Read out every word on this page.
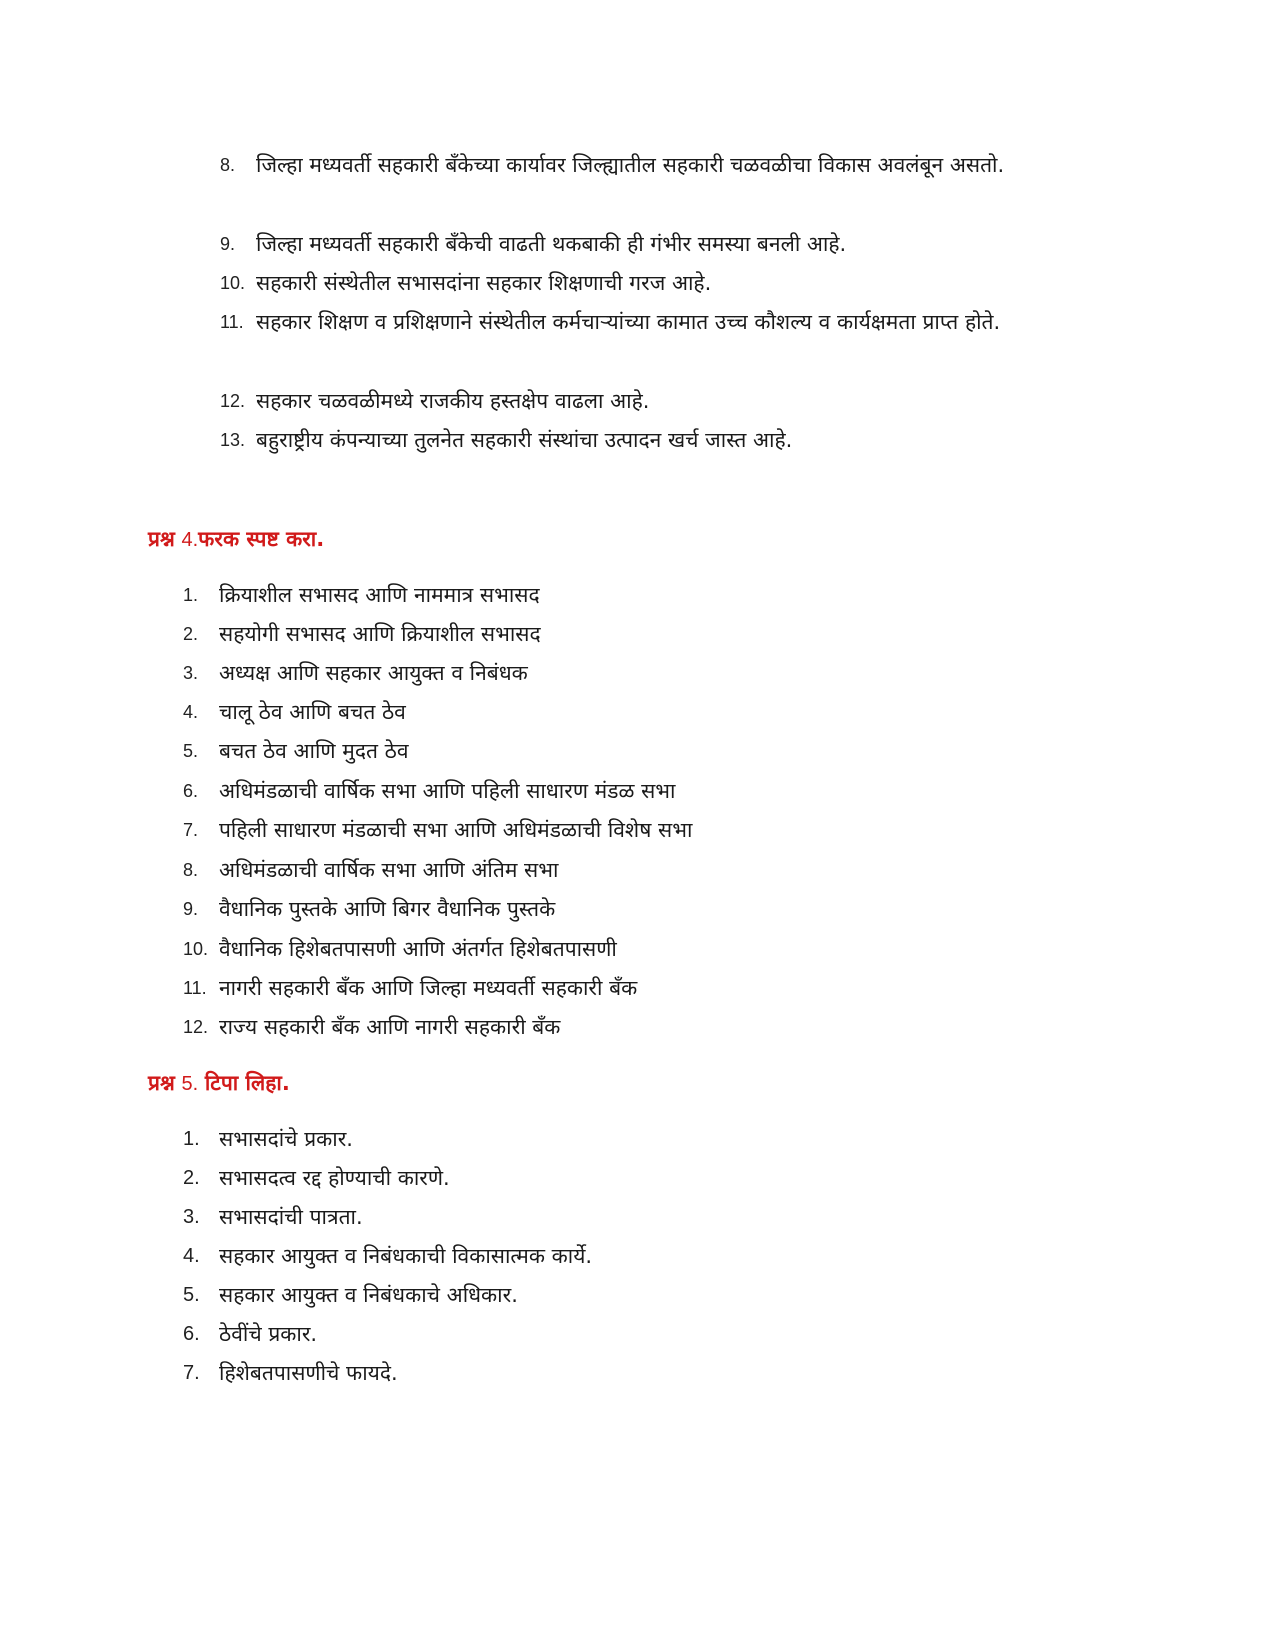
8. जिल्हा मध्यवर्ती सहकारी बँकेच्या कार्यावर जिल्ह्यातील सहकारी चळवळीचा विकास अवलंबून असतो.
9. जिल्हा मध्यवर्ती सहकारी बँकेची वाढती थकबाकी ही गंभीर समस्या बनली आहे.
10. सहकारी संस्थेतील सभासदांना सहकार शिक्षणाची गरज आहे.
11. सहकार शिक्षण व प्रशिक्षणाने संस्थेतील कर्मचाऱ्यांच्या कामात उच्च कौशल्य व कार्यक्षमता प्राप्त होते.
12. सहकार चळवळीमध्ये राजकीय हस्तक्षेप वाढला आहे.
13. बहुराष्ट्रीय कंपन्याच्या तुलनेत सहकारी संस्थांचा उत्पादन खर्च जास्त आहे.
प्रश्न 4.फरक स्पष्ट करा.
1. क्रियाशील सभासद आणि नाममात्र सभासद
2. सहयोगी सभासद आणि क्रियाशील सभासद
3. अध्यक्ष आणि सहकार आयुक्त व निबंधक
4. चालू ठेव आणि बचत ठेव
5. बचत ठेव आणि मुदत ठेव
6. अधिमंडळाची वार्षिक सभा आणि पहिली साधारण मंडळ सभा
7. पहिली साधारण मंडळाची सभा आणि अधिमंडळाची विशेष सभा
8. अधिमंडळाची वार्षिक सभा आणि अंतिम सभा
9. वैधानिक पुस्तके आणि बिगर वैधानिक पुस्तके
10. वैधानिक हिशेबतपासणी आणि अंतर्गत हिशेबतपासणी
11. नागरी सहकारी बँक आणि जिल्हा मध्यवर्ती सहकारी बँक
12. राज्य सहकारी बँक आणि नागरी सहकारी बँक
प्रश्न 5. टिपा लिहा.
1. सभासदांचे प्रकार.
2. सभासदत्व रद्द होण्याची कारणे.
3. सभासदांची पात्रता.
4. सहकार आयुक्त व निबंधकाची विकासात्मक कार्ये.
5. सहकार आयुक्त व निबंधकाचे अधिकार.
6. ठेवींचे प्रकार.
7. हिशेबतपासणीचे फायदे.
